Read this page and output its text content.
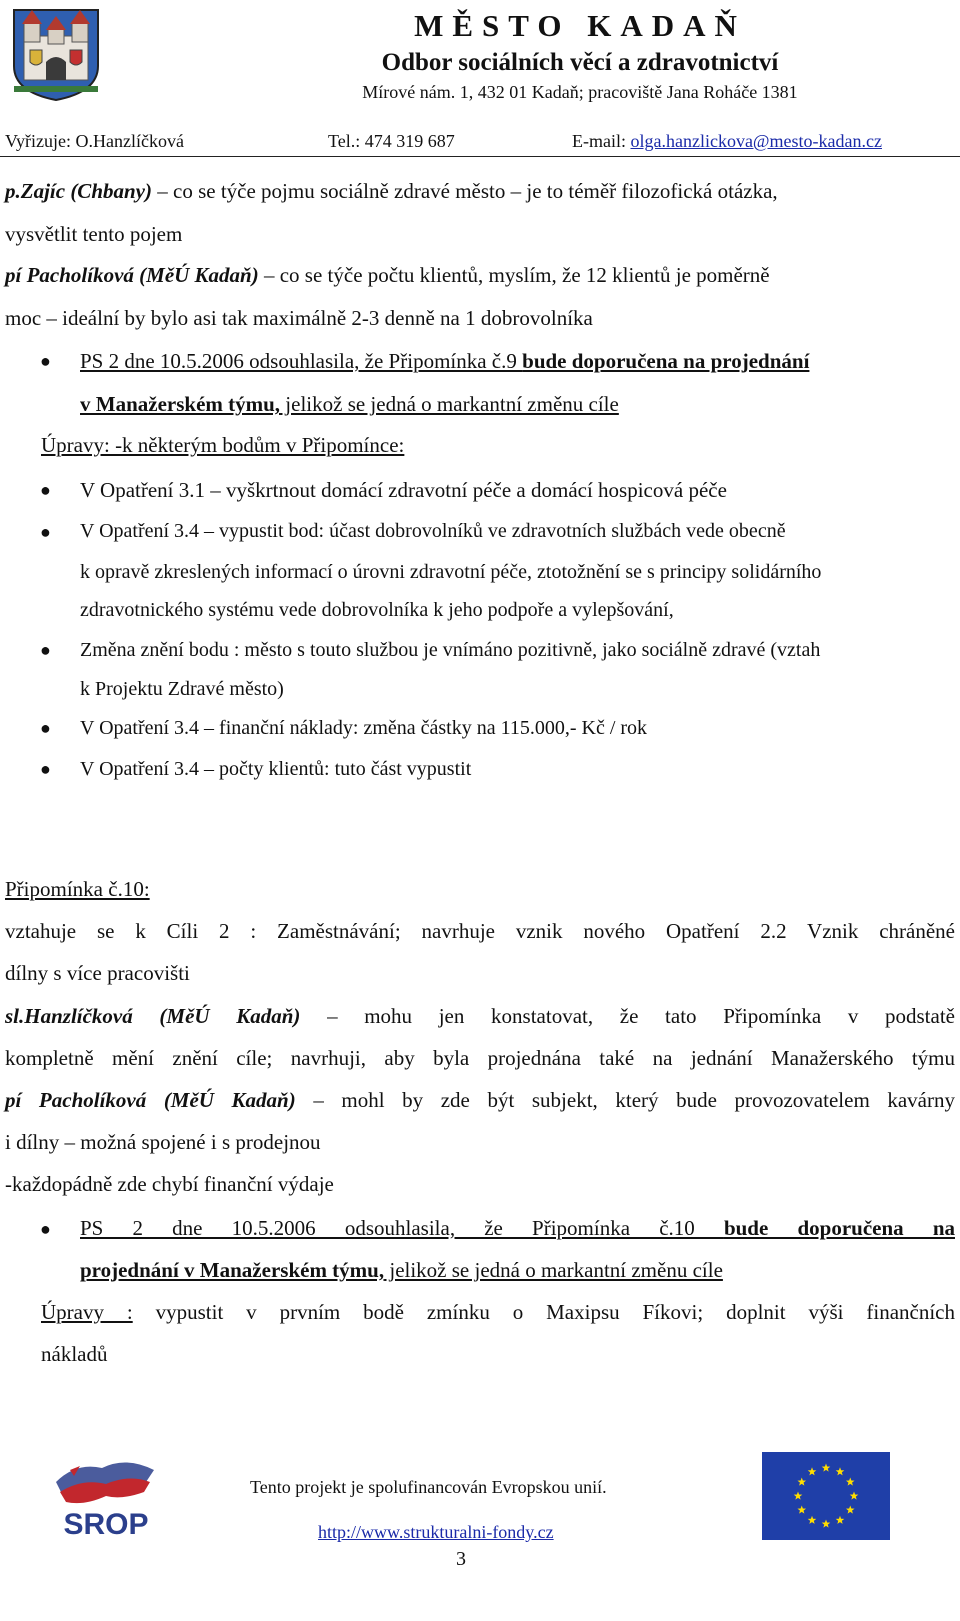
MĚSTO KADAŇ
Odbor sociálních věcí a zdravotnictví
Mírové nám. 1, 432 01 Kadaň; pracoviště Jana Roháče 1381
Vyřizuje: O.Hanzlíčková	Tel.: 474 319 687	E-mail: olga.hanzlickova@mesto-kadan.cz
p.Zajíc (Chbany) – co se týče pojmu sociálně zdravé město – je to téměř filozofická otázka,
vysvětlit tento pojem
pí Pacholíková (MěÚ Kadaň) – co se týče počtu klientů, myslím, že 12 klientů je poměrně
moc – ideální by bylo asi tak maximálně 2-3 denně na 1 dobrovolníka
● PS 2 dne 10.5.2006 odsouhlasila, že Připomínka č.9 bude doporučena na projednání
v Manažerském týmu, jelikož se jedná o markantní změnu cíle
Úpravy: -k některým bodům v Připomínce:
● V Opatření 3.1 – vyškrtnout domácí zdravotní péče a domácí hospicová péče
● V Opatření 3.4 – vypustit bod: účast dobrovolníků ve zdravotních službách vede obecně
k opravě zkreslených informací o úrovni zdravotní péče, ztotožnění se s principy solidárního
zdravotnického systému vede dobrovolníka k jeho podpoře a vylepšování,
● Změna znění bodu : město s touto službou je vnímáno pozitivně, jako sociálně zdravé (vztah
k Projektu Zdravé město)
● V Opatření 3.4 – finanční náklady: změna částky na 115.000,- Kč / rok
● V Opatření 3.4 – počty klientů: tuto část vypustit
Připomínka č.10:
vztahuje se k Cíli 2 : Zaměstnávání; navrhuje vznik nového Opatření 2.2 Vznik chráněné
dílny s více pracovišti
sl.Hanzlíčková (MěÚ Kadaň) – mohu jen konstatovat, že tato Připomínka v podstatě
kompletně mění znění cíle; navrhuji, aby byla projednána také na jednání Manažerského týmu
pí Pacholíková (MěÚ Kadaň) – mohl by zde být subjekt, který bude provozovatelem kavárny
i dílny – možná spojené i s prodejnou
-každopádně zde chybí finanční výdaje
● PS 2 dne 10.5.2006 odsouhlasila, že Připomínka č.10 bude doporučena na
projednání v Manažerském týmu, jelikož se jedná o markantní změnu cíle
Úpravy : vypustit v prvním bodě zmínku o Maxipsu Fíkovi; doplnit výši finančních
nákladů
SROP
Tento projekt je spolufinancován Evropskou unií.
http://www.strukturalni-fondy.cz
3
